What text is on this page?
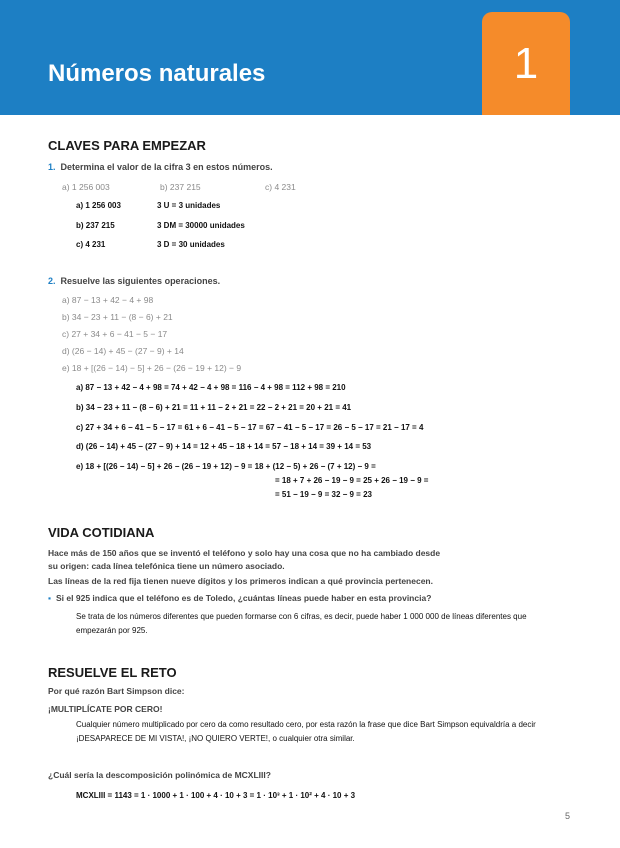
Números naturales	1
CLAVES PARA EMPEZAR
1. Determina el valor de la cifra 3 en estos números.
a) 1 256 003	b) 237 215	c) 4 231
a) 1 256 003	3 U = 3 unidades
b) 237 215	3 DM = 30000 unidades
c) 4 231	3 D = 30 unidades
2. Resuelve las siguientes operaciones.
a) 87 − 13 + 42 − 4 + 98
b) 34 − 23 + 11 − (8 − 6) + 21
c) 27 + 34 + 6 − 41 − 5 − 17
d) (26 − 14) + 45 − (27 − 9) + 14
e) 18 + [(26 − 14) − 5] + 26 − (26 − 19 + 12) − 9
a) 87 − 13 + 42 − 4 + 98 = 74 + 42 − 4 + 98 = 116 − 4 + 98 = 112 + 98 = 210
b) 34 − 23 + 11 − (8 − 6) + 21 = 11 + 11 − 2 + 21 = 22 − 2 + 21 = 20 + 21 = 41
c) 27 + 34 + 6 − 41 − 5 − 17 = 61 + 6 − 41 − 5 − 17 = 67 − 41 − 5 − 17 = 26 − 5 − 17 = 21 − 17 = 4
d) (26 − 14) + 45 − (27 − 9) + 14 = 12 + 45 − 18 + 14 = 57 − 18 + 14 = 39 + 14 = 53
e) 18 + [(26 − 14) − 5] + 26 − (26 − 19 + 12) − 9 = 18 + (12 − 5) + 26 − (7 + 12) − 9 =
= 18 + 7 + 26 − 19 − 9 = 25 + 26 − 19 − 9 =
= 51 − 19 − 9 = 32 − 9 = 23
VIDA COTIDIANA
Hace más de 150 años que se inventó el teléfono y solo hay una cosa que no ha cambiado desde
su origen: cada línea telefónica tiene un número asociado.
Las líneas de la red fija tienen nueve dígitos y los primeros indican a qué provincia pertenecen.
▪ Si el 925 indica que el teléfono es de Toledo, ¿cuántas líneas puede haber en esta provincia?
Se trata de los números diferentes que pueden formarse con 6 cifras, es decir, puede haber 1 000 000 de líneas diferentes que empezarán por 925.
RESUELVE EL RETO
Por qué razón Bart Simpson dice:
¡MULTIPLÍCATE POR CERO!
Cualquier número multiplicado por cero da como resultado cero, por esta razón la frase que dice Bart Simpson equivaldría a decir ¡DESAPARECE DE MI VISTA!, ¡NO QUIERO VERTE!, o cualquier otra similar.
¿Cuál sería la descomposición polinómica de MCXLIII?
MCXLIII = 1143 = 1 · 1000 + 1 · 100 + 4 · 10 + 3 = 1 · 10³ + 1 · 10² + 4 · 10 + 3
5
